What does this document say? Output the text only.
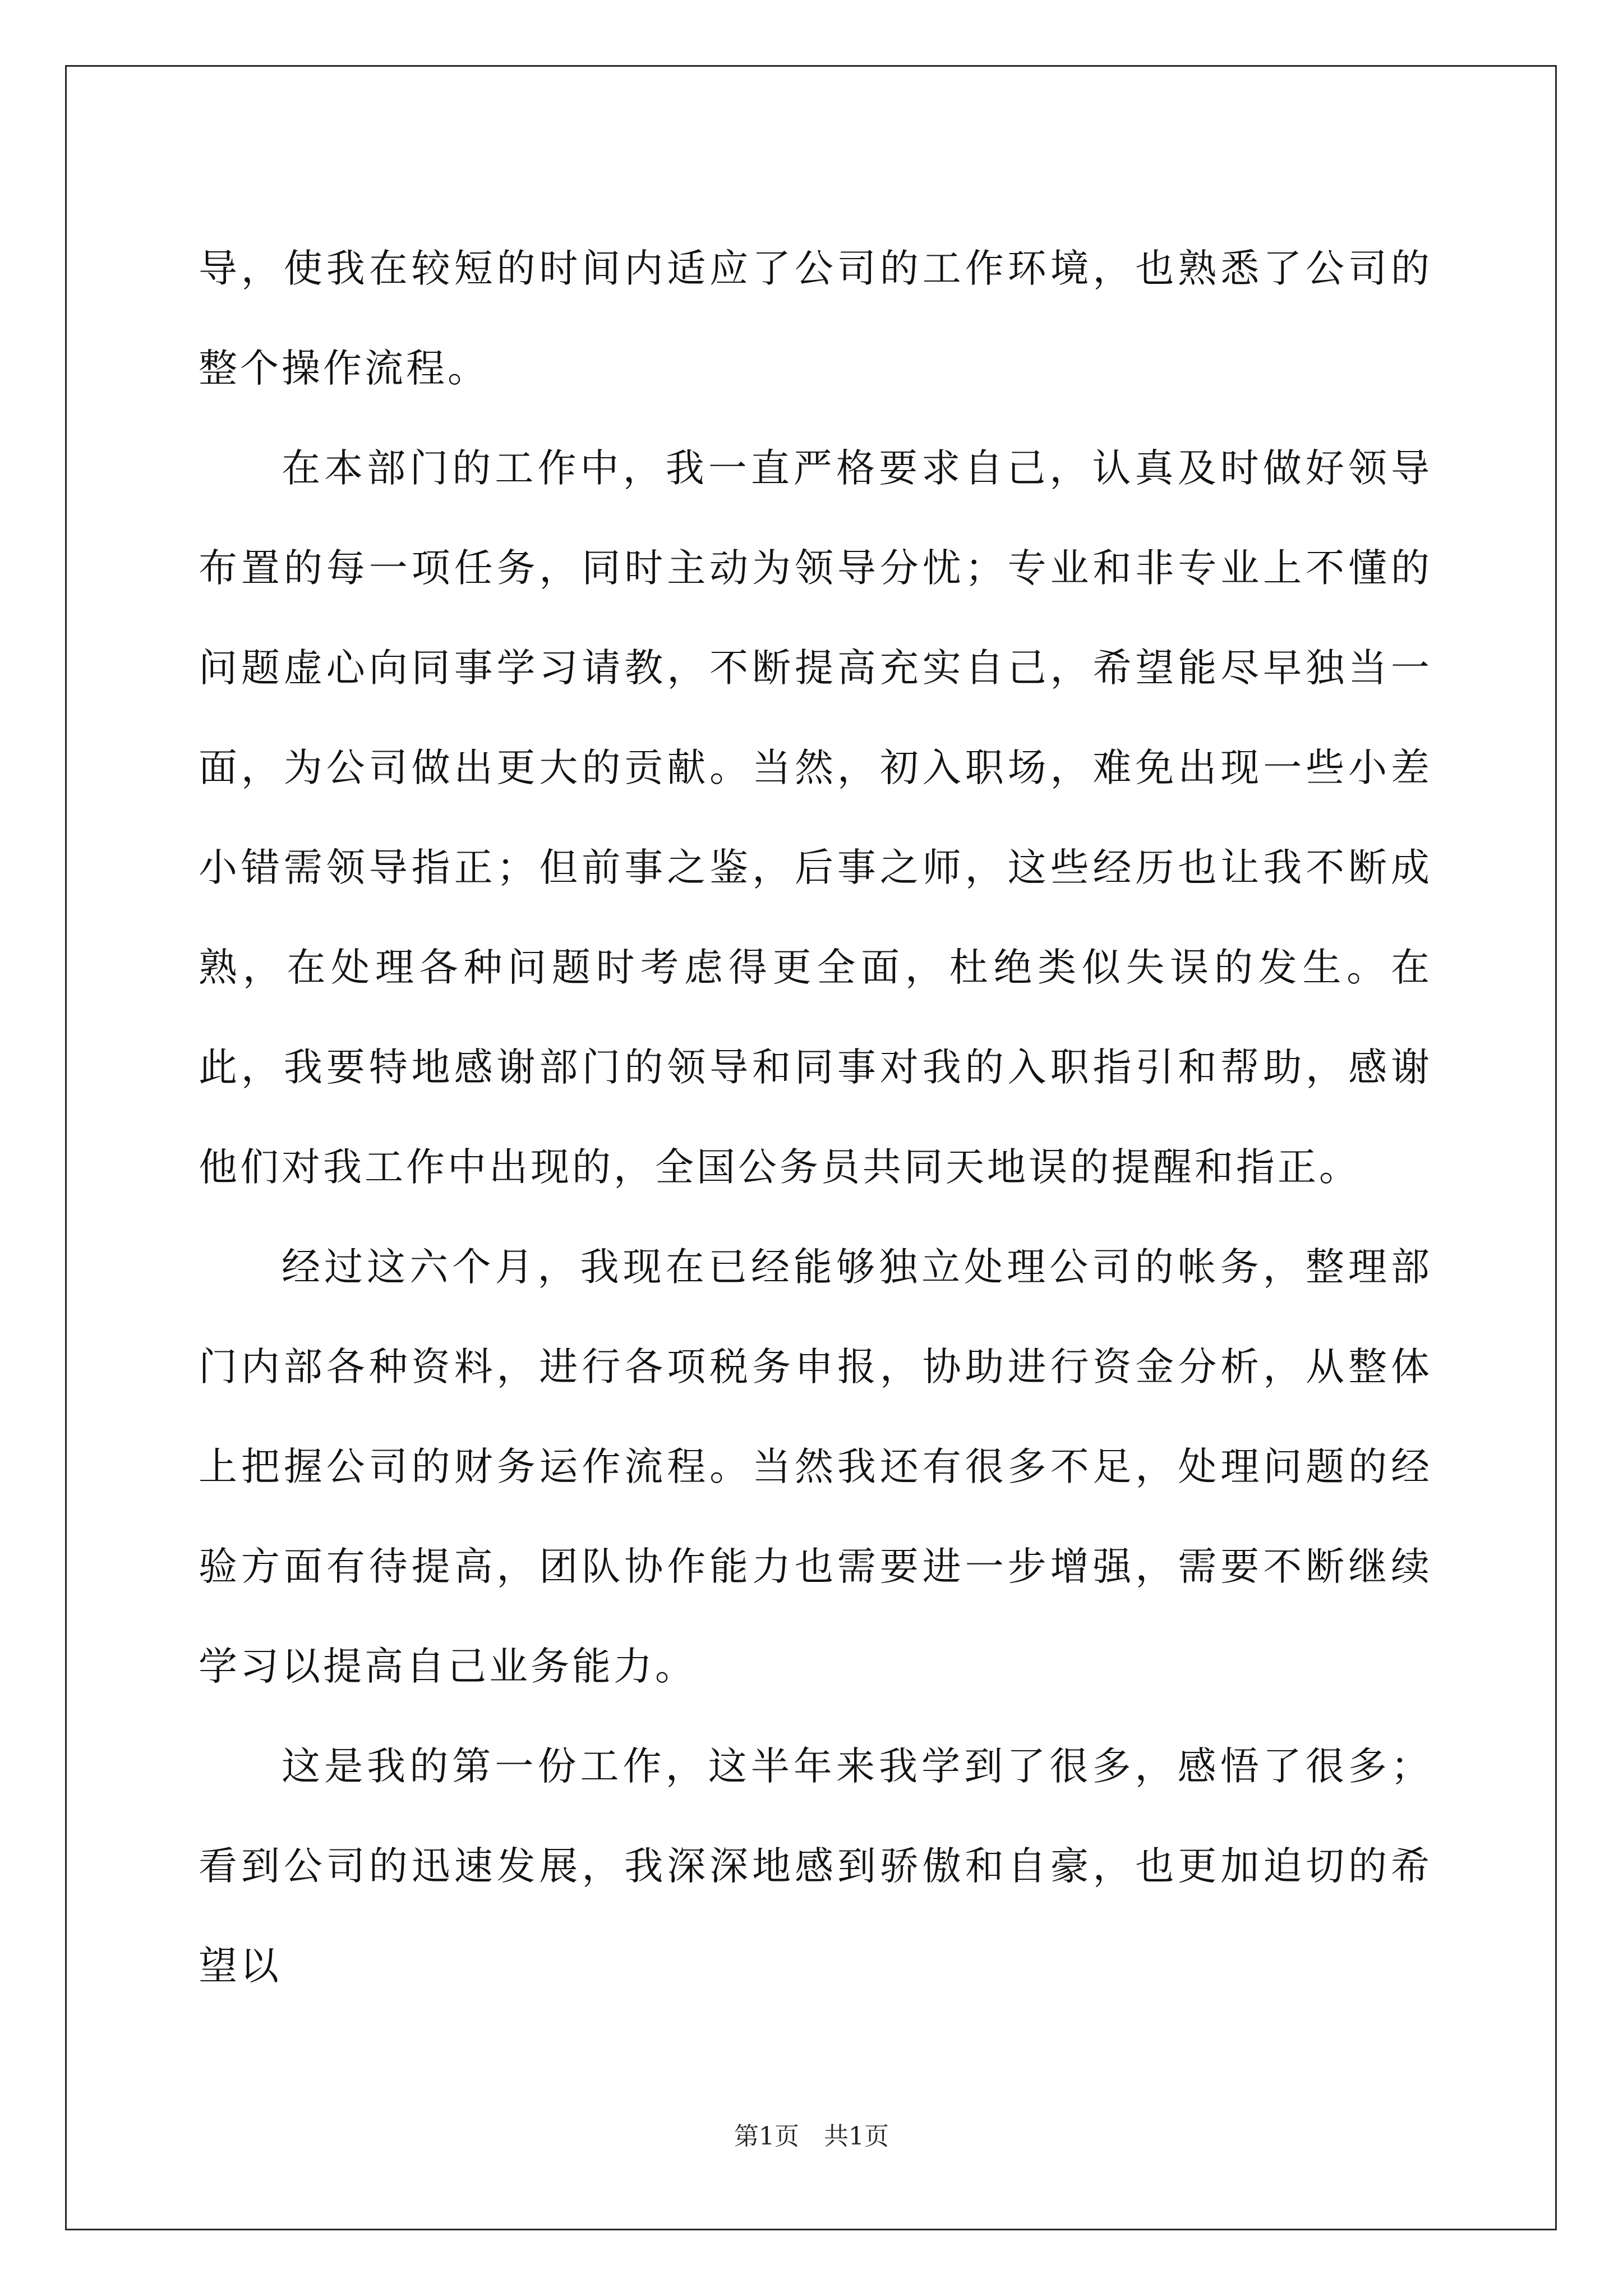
导，使我在较短的时间内适应了公司的工作环境，也熟悉了公司的整个操作流程。

在本部门的工作中，我一直严格要求自己，认真及时做好领导布置的每一项任务，同时主动为领导分忧；专业和非专业上不懂的问题虚心向同事学习请教，不断提高充实自己，希望能尽早独当一面，为公司做出更大的贡献。当然，初入职场，难免出现一些小差小错需领导指正；但前事之鉴，后事之师，这些经历也让我不断成熟，在处理各种问题时考虑得更全面，杜绝类似失误的发生。在此，我要特地感谢部门的领导和同事对我的入职指引和帮助，感谢他们对我工作中出现的，全国公务员共同天地误的提醒和指正。

经过这六个月，我现在已经能够独立处理公司的帐务，整理部门内部各种资料，进行各项税务申报，协助进行资金分析，从整体上把握公司的财务运作流程。当然我还有很多不足，处理问题的经验方面有待提高，团队协作能力也需要进一步增强，需要不断继续学习以提高自己业务能力。

这是我的第一份工作，这半年来我学到了很多，感悟了很多；看到公司的迅速发展，我深深地感到骄傲和自豪，也更加迫切的希望以

第1页　共1页
